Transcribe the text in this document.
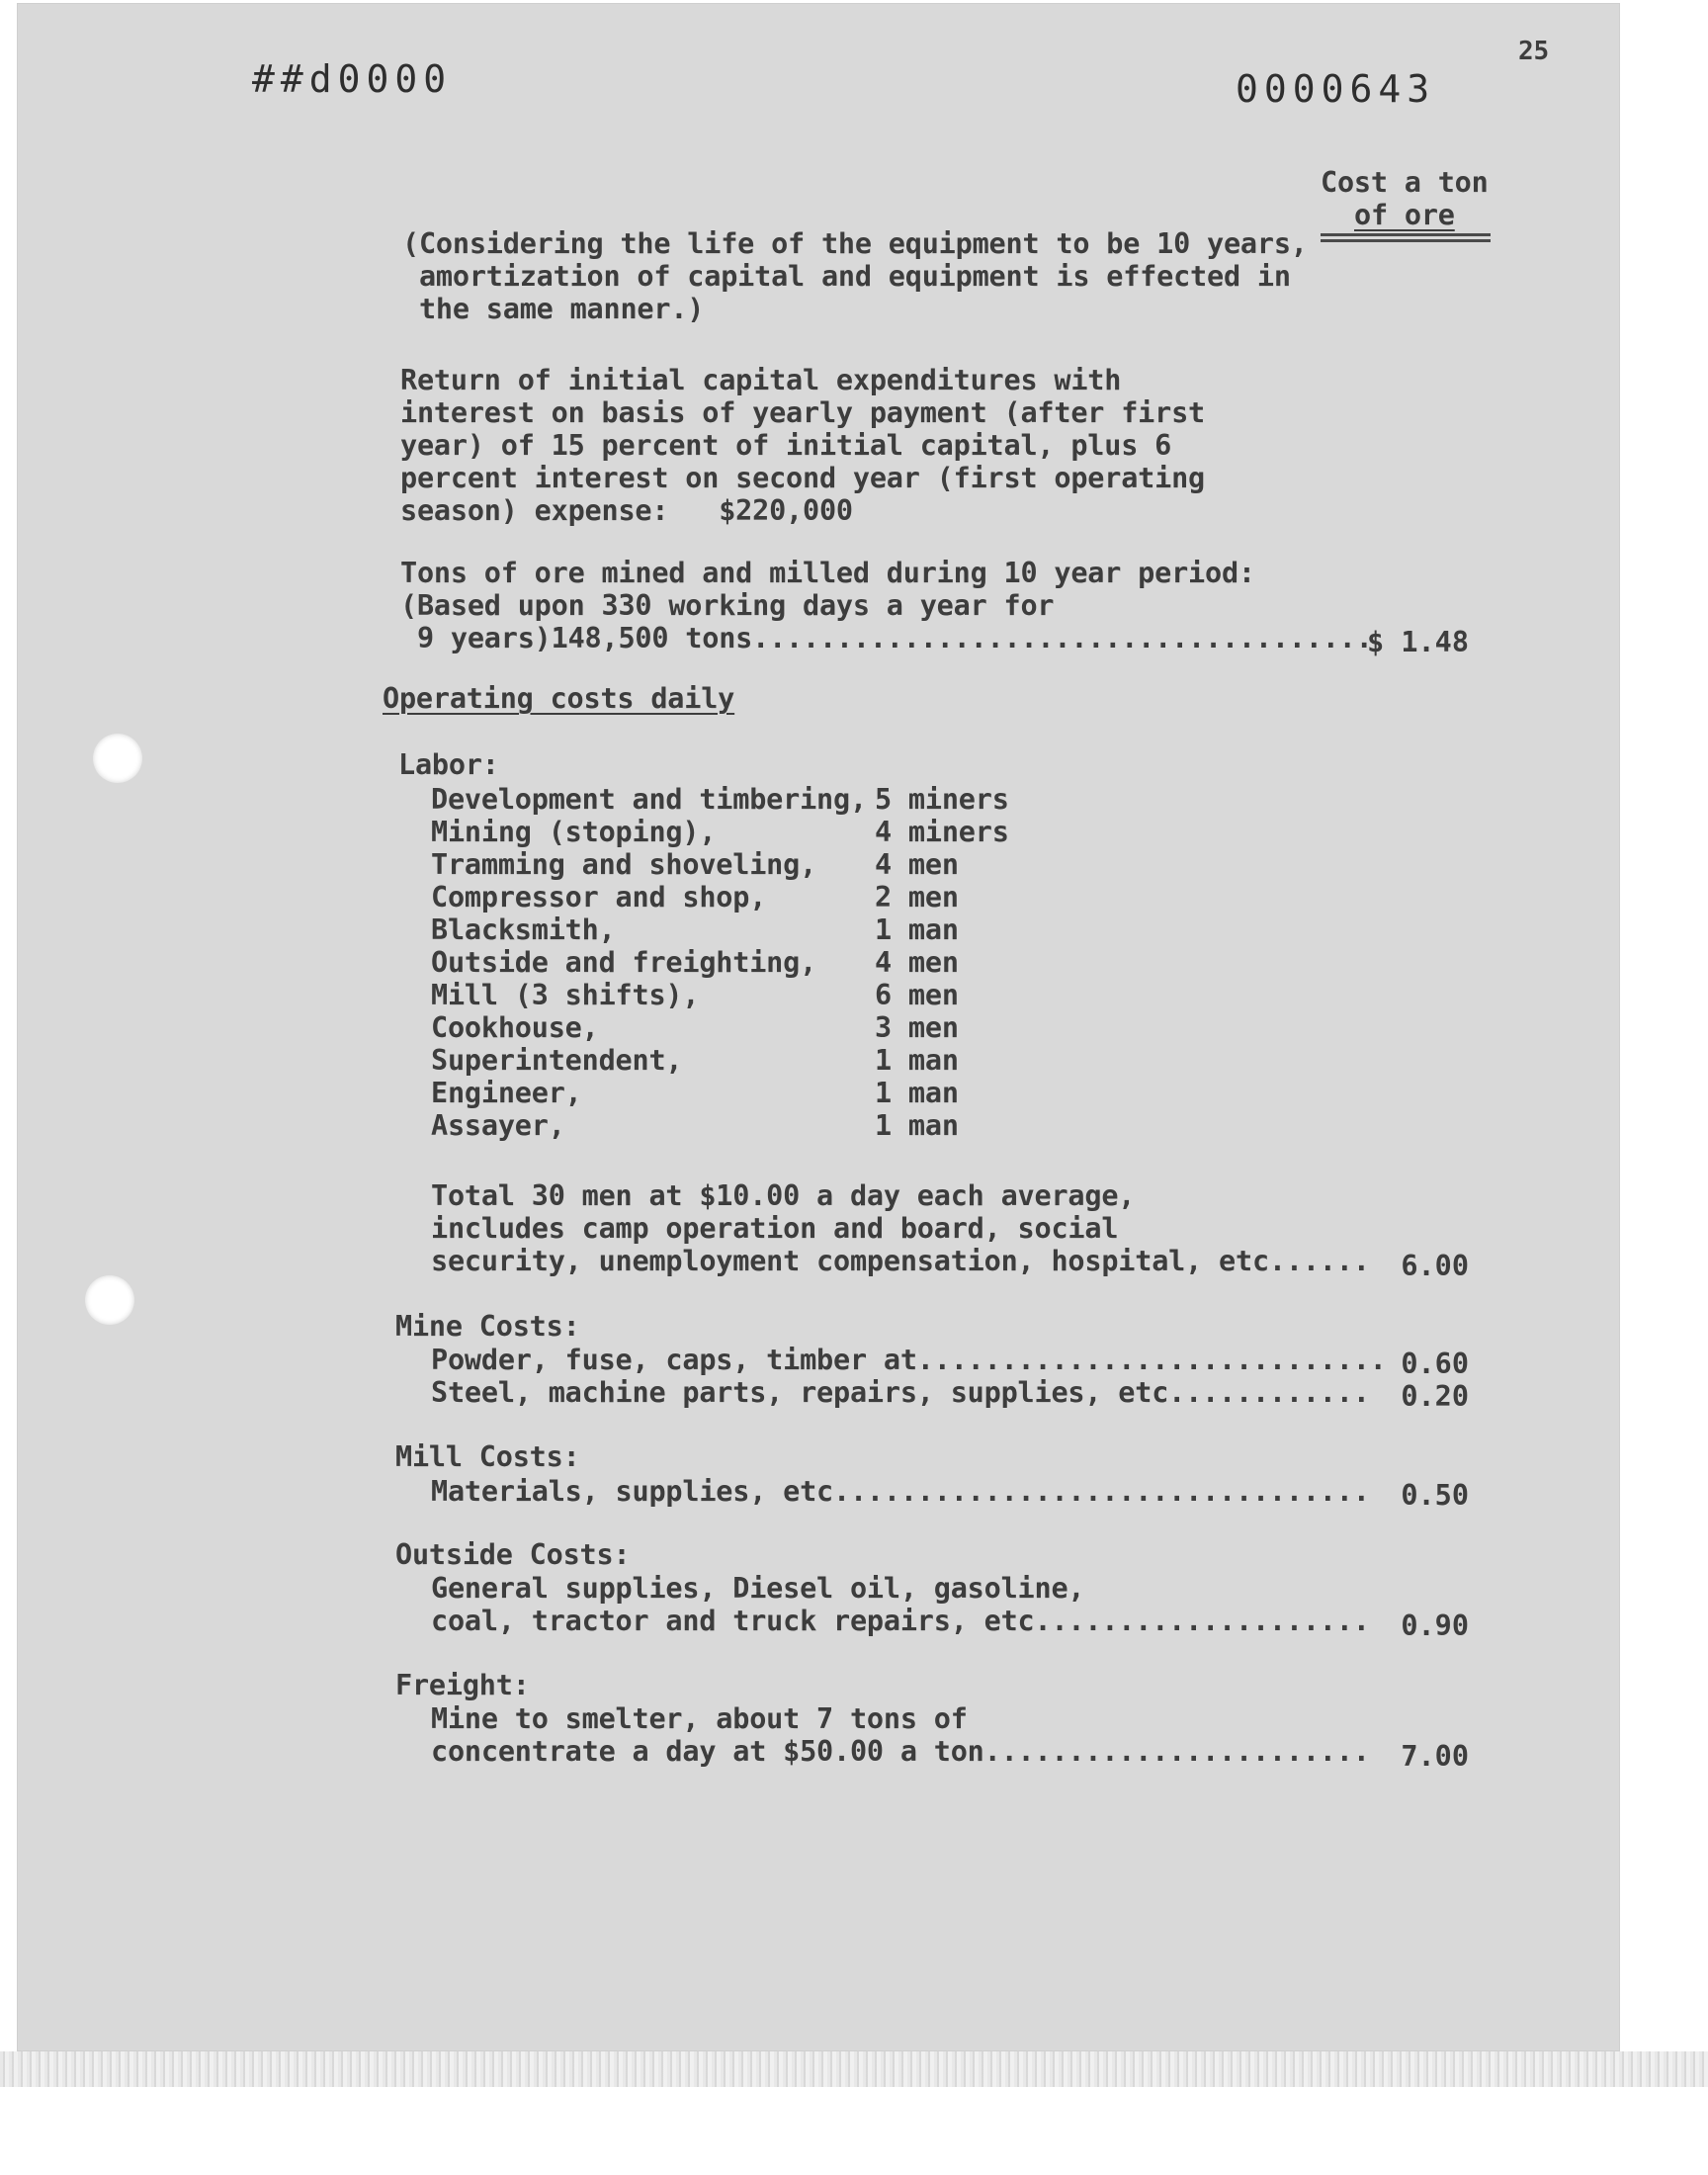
##d0000	0000643
25
Cost a ton
of ore
(Considering the life of the equipment to be 10 years,
amortization of capital and equipment is effected in
the same manner.)
Return of initial capital expenditures with
interest on basis of yearly payment (after first
year) of 15 percent of initial capital, plus 6
percent interest on second year (first operating
season) expense:   $220,000
Tons of ore mined and milled during 10 year period:
(Based upon 330 working days a year for
9 years)148,500 tons.....................................
$ 1.48
Operating costs daily
Labor:
Development and timbering, 5 miners
Mining (stoping),	4 miners
Tramming and shoveling, 4 men
Compressor and shop,	2 men
Blacksmith,	1 man
Outside and freighting, 4 men
Mill (3 shifts),	6 men
Cookhouse,	3 men
Superintendent,	1 man
Engineer,	1 man
Assayer,	1 man
Total 30 men at $10.00 a day each average,
includes camp operation and board, social
security, unemployment compensation, hospital, etc......	6.00
Mine Costs:
Powder, fuse, caps, timber at............................ 0.60
Steel, machine parts, repairs, supplies, etc............	0.20
Mill Costs:
Materials, supplies, etc................................	0.50
Outside Costs:
General supplies, Diesel oil, gasoline,
coal, tractor and truck repairs, etc....................	0.90
Freight:
Mine to smelter, about 7 tons of
concentrate a day at $50.00 a ton.......................	7.00
